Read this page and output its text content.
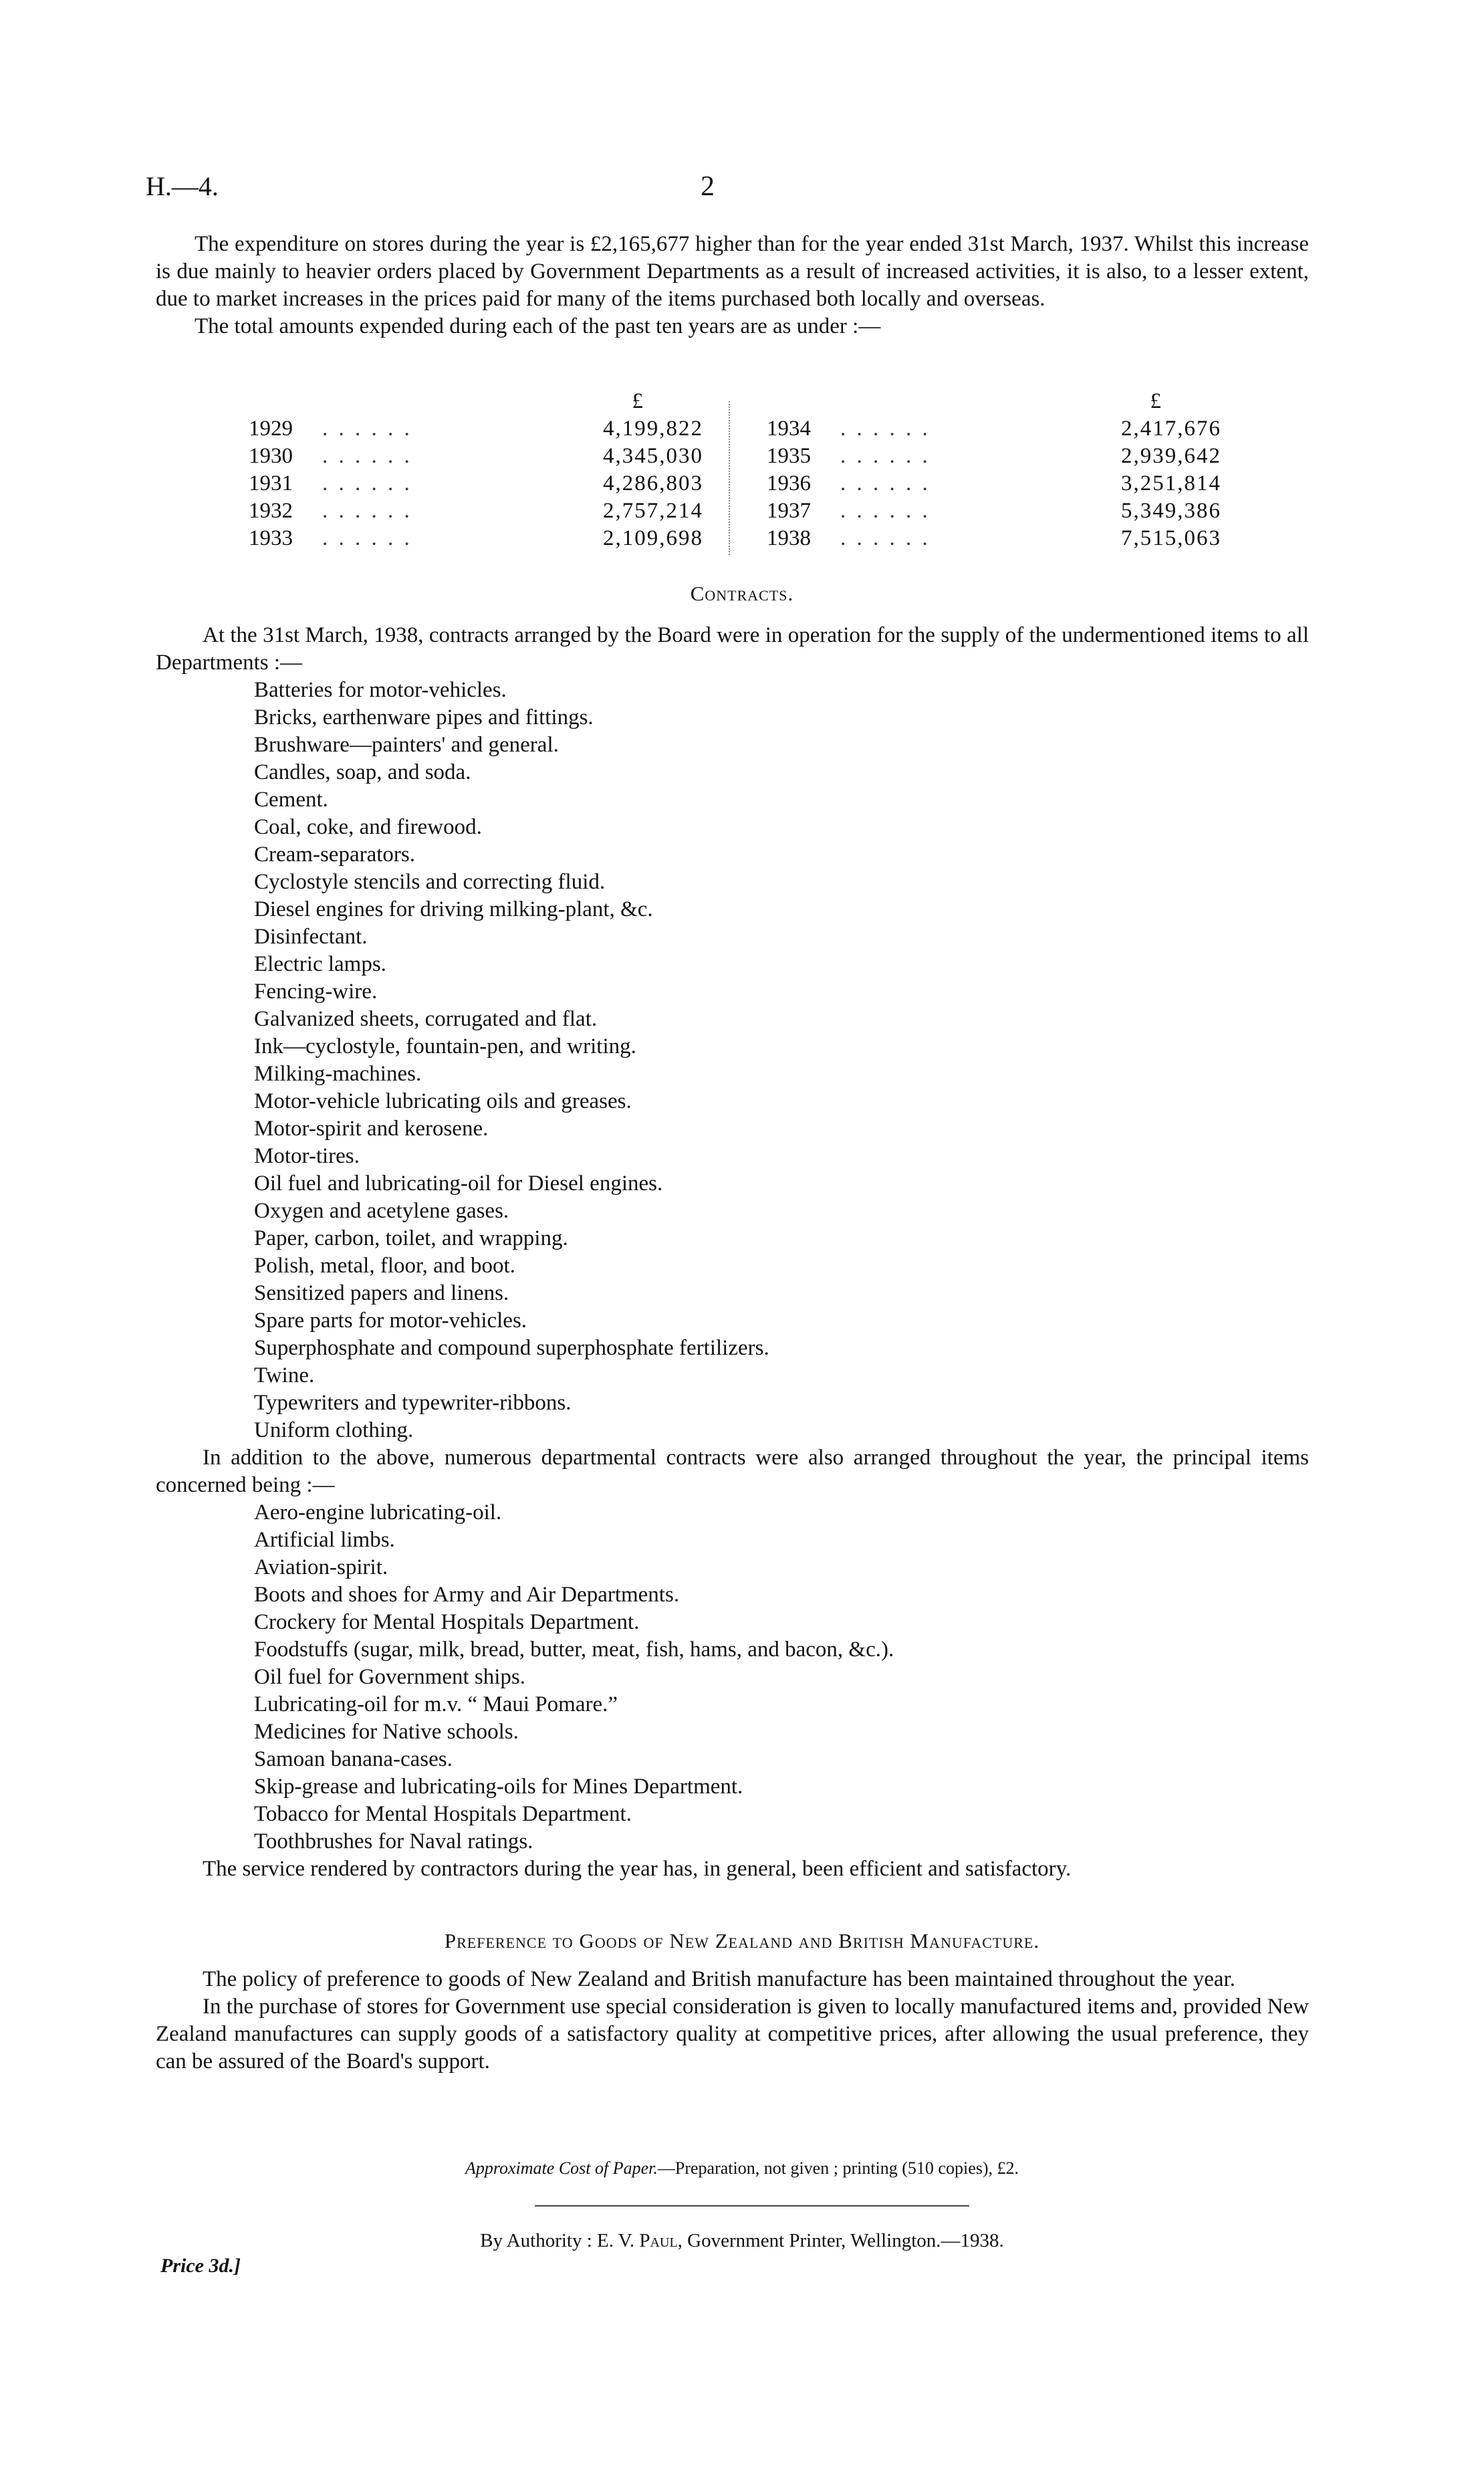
H.—4.	2

The expenditure on stores during the year is £2,165,677 higher than for the year ended 31st March, 1937. Whilst this increase is due mainly to heavier orders placed by Government Departments as a result of increased activities, it is also, to a lesser extent, due to market increases in the prices paid for many of the items purchased both locally and overseas.

The total amounts expended during each of the past ten years are as under :—

£
1929 . . . . . .	4,199,822
1930 . . . . . .	4,345,030
1931 . . . . . .	4,286,803
1932 . . . . . .	2,757,214
1933 . . . . . .	2,109,698
£
1934 . . . . . .	2,417,676
1935 . . . . . .	2,939,642
1936 . . . . . .	3,251,814
1937 . . . . . .	5,349,386
1938 . . . . . .	7,515,063
Contracts.

At the 31st March, 1938, contracts arranged by the Board were in operation for the supply of the undermentioned items to all Departments :—

Batteries for motor-vehicles.
Bricks, earthenware pipes and fittings.
Brushware—painters' and general.
Candles, soap, and soda.
Cement.
Coal, coke, and firewood.
Cream-separators.
Cyclostyle stencils and correcting fluid.
Diesel engines for driving milking-plant, &c.
Disinfectant.
Electric lamps.
Fencing-wire.
Galvanized sheets, corrugated and flat.
Ink—cyclostyle, fountain-pen, and writing.
Milking-machines.
Motor-vehicle lubricating oils and greases.
Motor-spirit and kerosene.
Motor-tires.
Oil fuel and lubricating-oil for Diesel engines.
Oxygen and acetylene gases.
Paper, carbon, toilet, and wrapping.
Polish, metal, floor, and boot.
Sensitized papers and linens.
Spare parts for motor-vehicles.
Superphosphate and compound superphosphate fertilizers.
Twine.
Typewriters and typewriter-ribbons.
Uniform clothing.

In addition to the above, numerous departmental contracts were also arranged throughout the year, the principal items concerned being :—

Aero-engine lubricating-oil.
Artificial limbs.
Aviation-spirit.
Boots and shoes for Army and Air Departments.
Crockery for Mental Hospitals Department.
Foodstuffs (sugar, milk, bread, butter, meat, fish, hams, and bacon, &c.).
Oil fuel for Government ships.
Lubricating-oil for m.v. “ Maui Pomare.”
Medicines for Native schools.
Samoan banana-cases.
Skip-grease and lubricating-oils for Mines Department.
Tobacco for Mental Hospitals Department.
Toothbrushes for Naval ratings.

The service rendered by contractors during the year has, in general, been efficient and satisfactory.

Preference to Goods of New Zealand and British Manufacture.

The policy of preference to goods of New Zealand and British manufacture has been maintained throughout the year.

In the purchase of stores for Government use special consideration is given to locally manufactured items and, provided New Zealand manufactures can supply goods of a satisfactory quality at competitive prices, after allowing the usual preference, they can be assured of the Board's support.

Approximate Cost of Paper.—Preparation, not given ; printing (510 copies), £2.
By Authority : E. V. Paul, Government Printer, Wellington.—1938.
Price 3d.]
